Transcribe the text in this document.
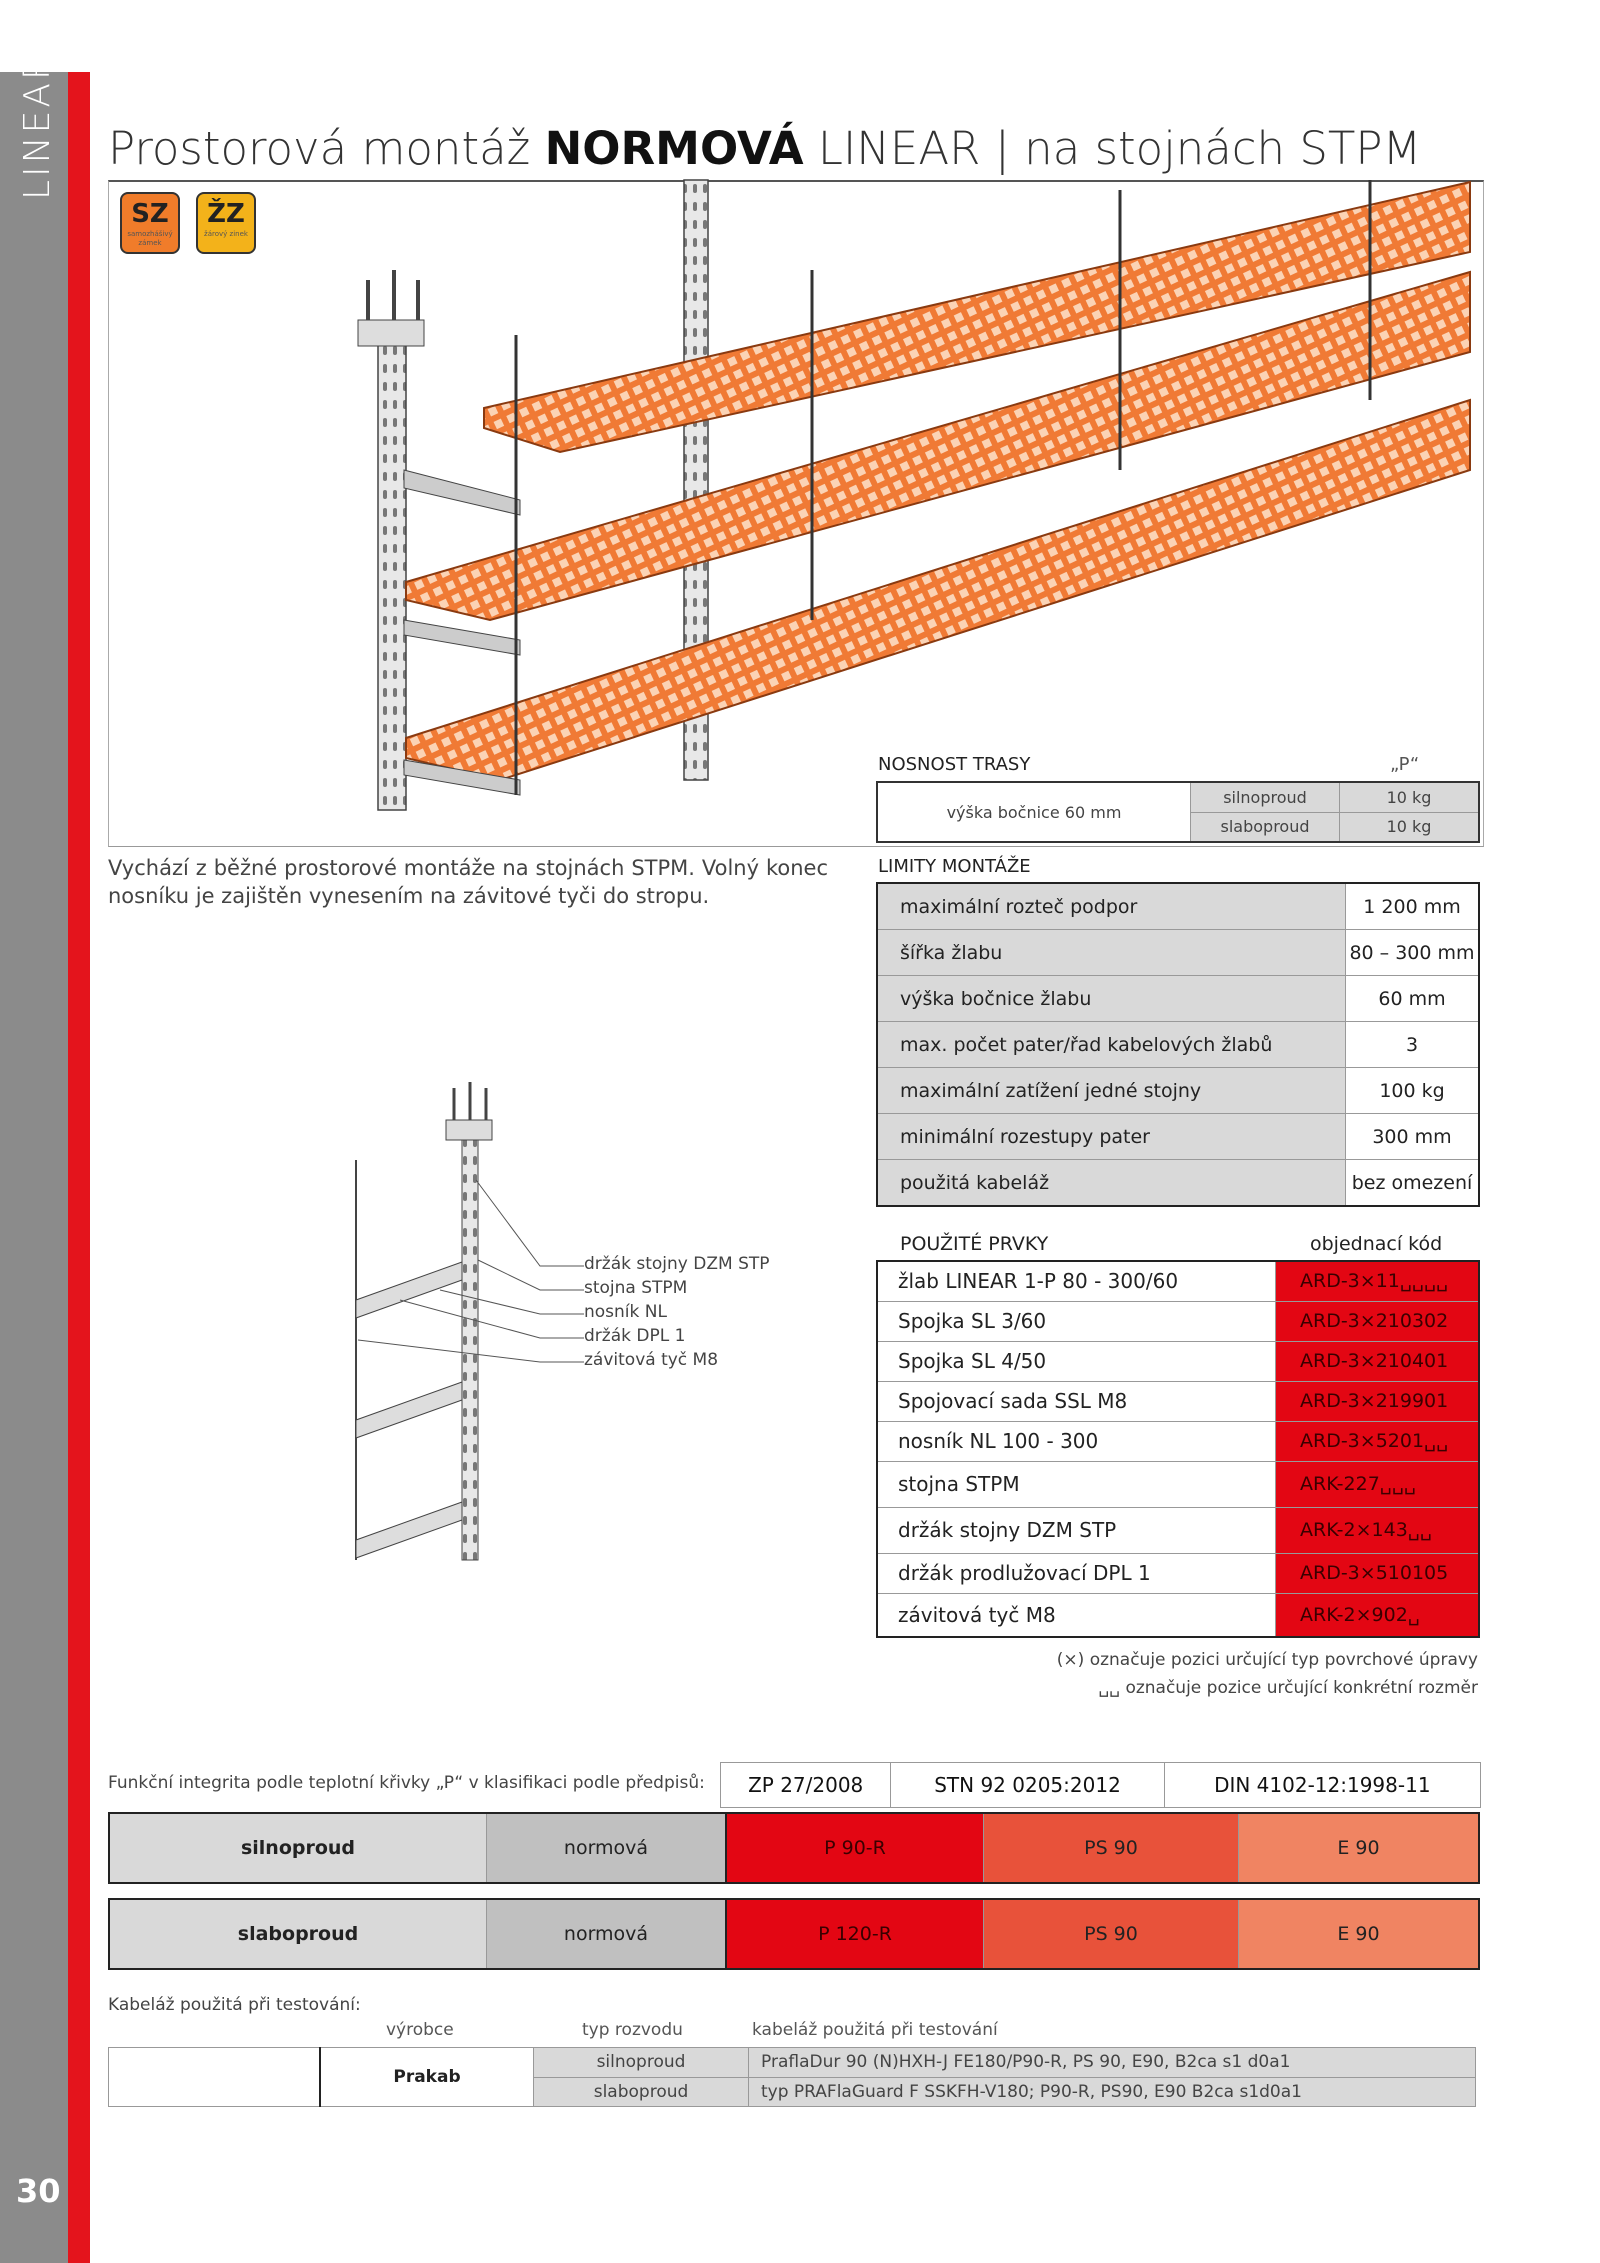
LINEAR
30
Prostorová montáž NORMOVÁ LINEAR | na stojnách STPM
SZ
samozhášivý zámek
ŽZ
žárový zinek
držák stojny DZM STP
stojna STPM
nosník NL
držák DPL 1
závitová tyč M8
NOSNOST TRASY	„P“
výška bočnice 60 mm	silnoproud	10 kg
	slaboproud	10 kg
Vychází z běžné prostorové montáže na stojnách STPM. Volný konec nosníku je zajištěn vynesením na závitové tyči do stropu.
LIMITY MONTÁŽE
maximální rozteč podpor	1 200 mm
šířka žlabu	80 – 300 mm
výška bočnice žlabu	60 mm
max. počet pater/řad kabelových žlabů	3
maximální zatížení jedné stojny	100 kg
minimální rozestupy pater	300 mm
použitá kabeláž	bez omezení
POUŽITÉ PRVKY	objednací kód
žlab LINEAR 1-P 80 - 300/60	ARD-3×11␣␣␣␣
Spojka SL 3/60	ARD-3×210302
Spojka SL 4/50	ARD-3×210401
Spojovací sada SSL M8	ARD-3×219901
nosník NL 100 - 300	ARD-3×5201␣␣
stojna STPM	ARK-227␣␣␣
držák stojny DZM STP	ARK-2×143␣␣
držák prodlužovací DPL 1	ARD-3×510105
závitová tyč M8	ARK-2×902␣
(×) označuje pozici určující typ povrchové úpravy
␣␣ označuje pozice určující konkrétní rozměr
Funkční integrita podle teplotní křivky „P“ v klasifikaci podle předpisů: ZP 27/2008	STN 92 0205:2012	DIN 4102-12:1998-11
silnoproud	normová	P 90-R	PS 90	E 90
slaboproud	normová	P 120-R	PS 90	E 90
Kabeláž použitá při testování:
výrobce	typ rozvodu	kabeláž použitá při testování
	Prakab	silnoproud	PraflaDur 90 (N)HXH-J FE180/P90-R, PS 90, E90, B2ca s1 d0a1
		slaboproud	typ PRAFlaGuard F SSKFH-V180; P90-R, PS90, E90 B2ca s1d0a1
